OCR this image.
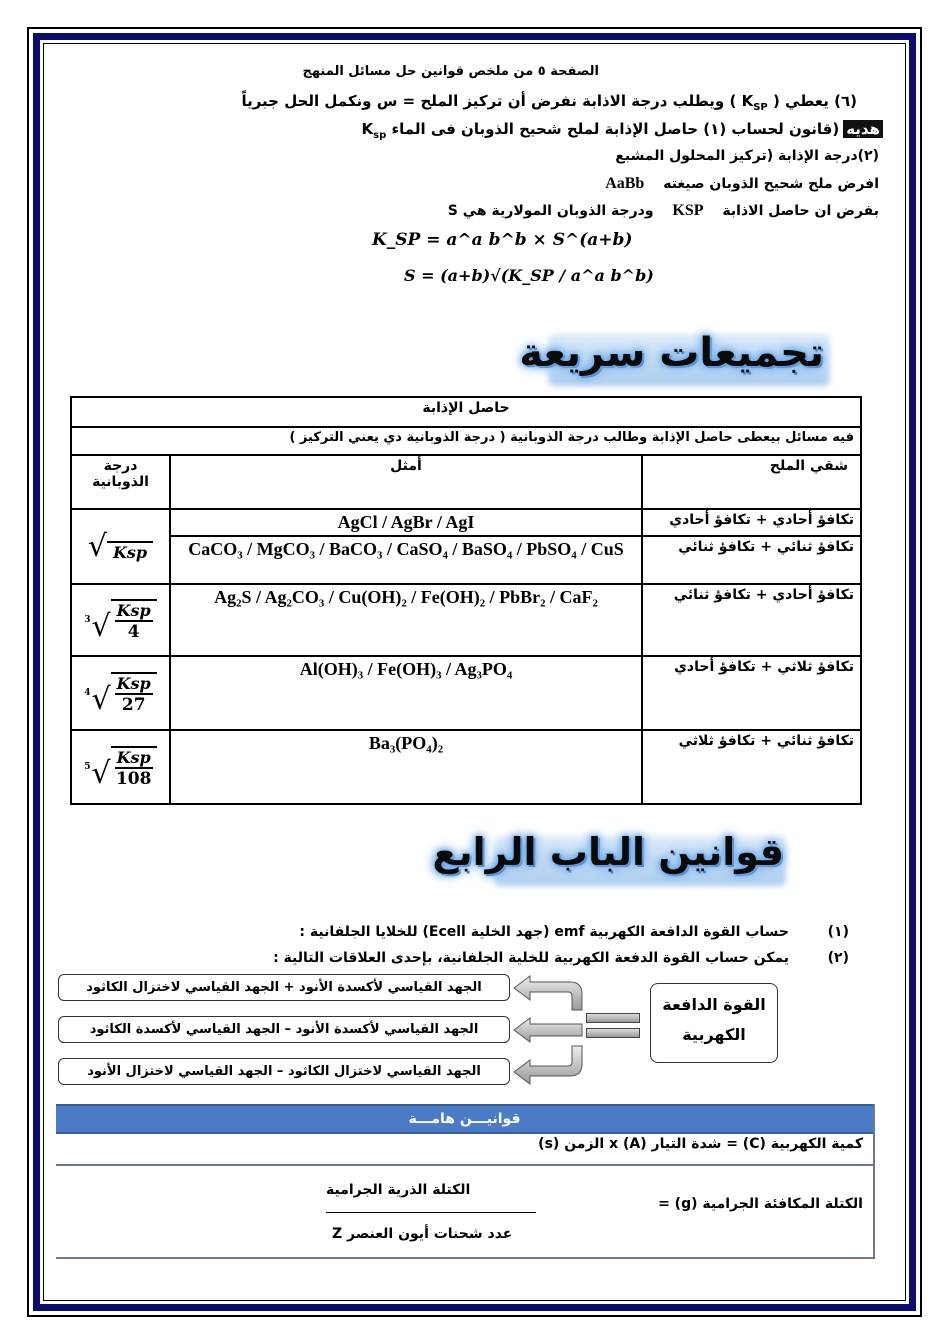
الصفحة ٥ من ملخص قوانين حل مسائل المنهج
(٦) يعطي ( $K_{SP}$ ) ويطلب درجة الاذابة نفرض أن تركيز الملح = س ونكمل الحل جبرياً
هديه(قانون لحساب (١) حاصل الإذابة لملح شحيح الذوبان فى الماء $K_{sp}$
(٢)درجة الإذابة (تركيز المحلول المشبع
افرض ملح شحيح الذوبان صيغته AaBb
بفرض ان حاصل الاذابة KSP ودرجة الذوبان المولارية هي S
K_SP = a^a b^b × S^(a+b)
S = (a+b)√(K_SP / a^a b^b)
تجميعات سريعة
حاصل الإذابة		
فيه مسائل بيعطى حاصل الإذابة وطالب درجة الذوبانية ( درجة الذوبانية دي يعني التركيز )		
شقي الملح	أمثل	درجة الذوبانية
تكافؤ أحادي + تكافؤ أحادي	AgCl / AgBr / AgI	√ Ksp

تكافؤ ثنائي + تكافؤ ثنائي	CaCO₃ / MgCO₃ / BaCO₃ / CaSO₄ / BaSO₄ / PbSO₄ / CuS	
تكافؤ أحادي + تكافؤ ثنائي	Ag₂S / Ag₂CO₃ / Cu(OH)₂ / Fe(OH)₂ / PbBr₂ / CaF₂	3 √ $\frac{\text{Ksp}}{4}$

تكافؤ ثلاثي + تكافؤ أحادي	Al(OH)₃ / Fe(OH)₃ / Ag₃PO₄	4 √ $\frac{\text{Ksp}}{27}$

تكافؤ ثنائي + تكافؤ ثلاثي	Ba₃(PO₄)₂	5 √ $\frac{\text{Ksp}}{108}$
قوانين الباب الرابع
(١)
حساب القوة الدافعة الكهربية emf (جهد الخلية Ecell) للخلايا الجلفانية :
(٢)
يمكن حساب القوة الدفعة الكهربية للخلية الجلفانية، بإحدى العلاقات التالية :
الجهد القياسي لأكسدة الأنود + الجهد القياسي لاختزال الكاثود
الجهد القياسي لأكسدة الأنود – الجهد القياسي لأكسدة الكاثود
الجهد القياسي لاختزال الكاثود – الجهد القياسي لاختزال الأنود
القوة الدافعة
الكهربية
قوانيـــن هامـــة
كمية الكهربية (C) = شدة التيار (A) x الزمن (s)
الكتلة المكافئة الجرامية (g) =
الكتلة الذرية الجرامية
عدد شحنات أيون العنصر Z
